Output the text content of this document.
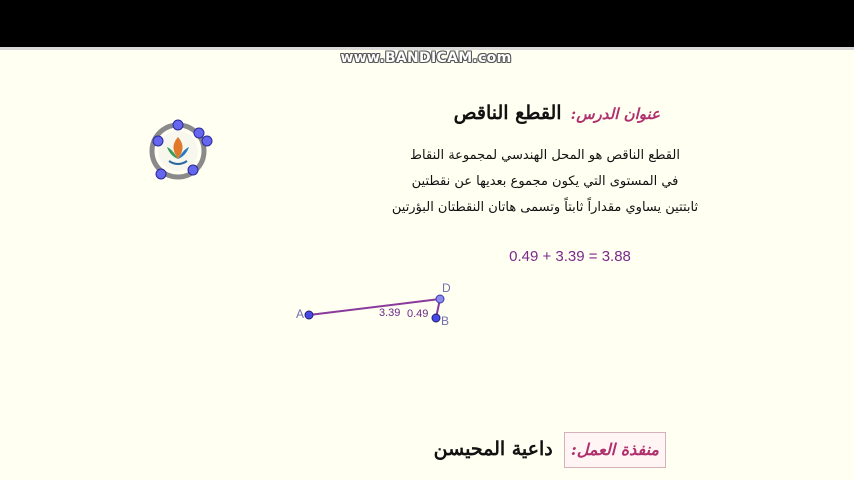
www.BANDICAM.com
عنوان الدرس: القطع الناقص
القطع الناقص هو المحل الهندسي لمجموعة النقاط
في المستوى التي يكون مجموع بعديها عن نقطتين
ثابتتين يساوي مقداراً ثابتاً وتسمى هاتان النقطتان البؤرتين
0.49 + 3.39 = 3.88
A
D
B
3.39 0.49
منفذة العمل: داعية المحيسن
